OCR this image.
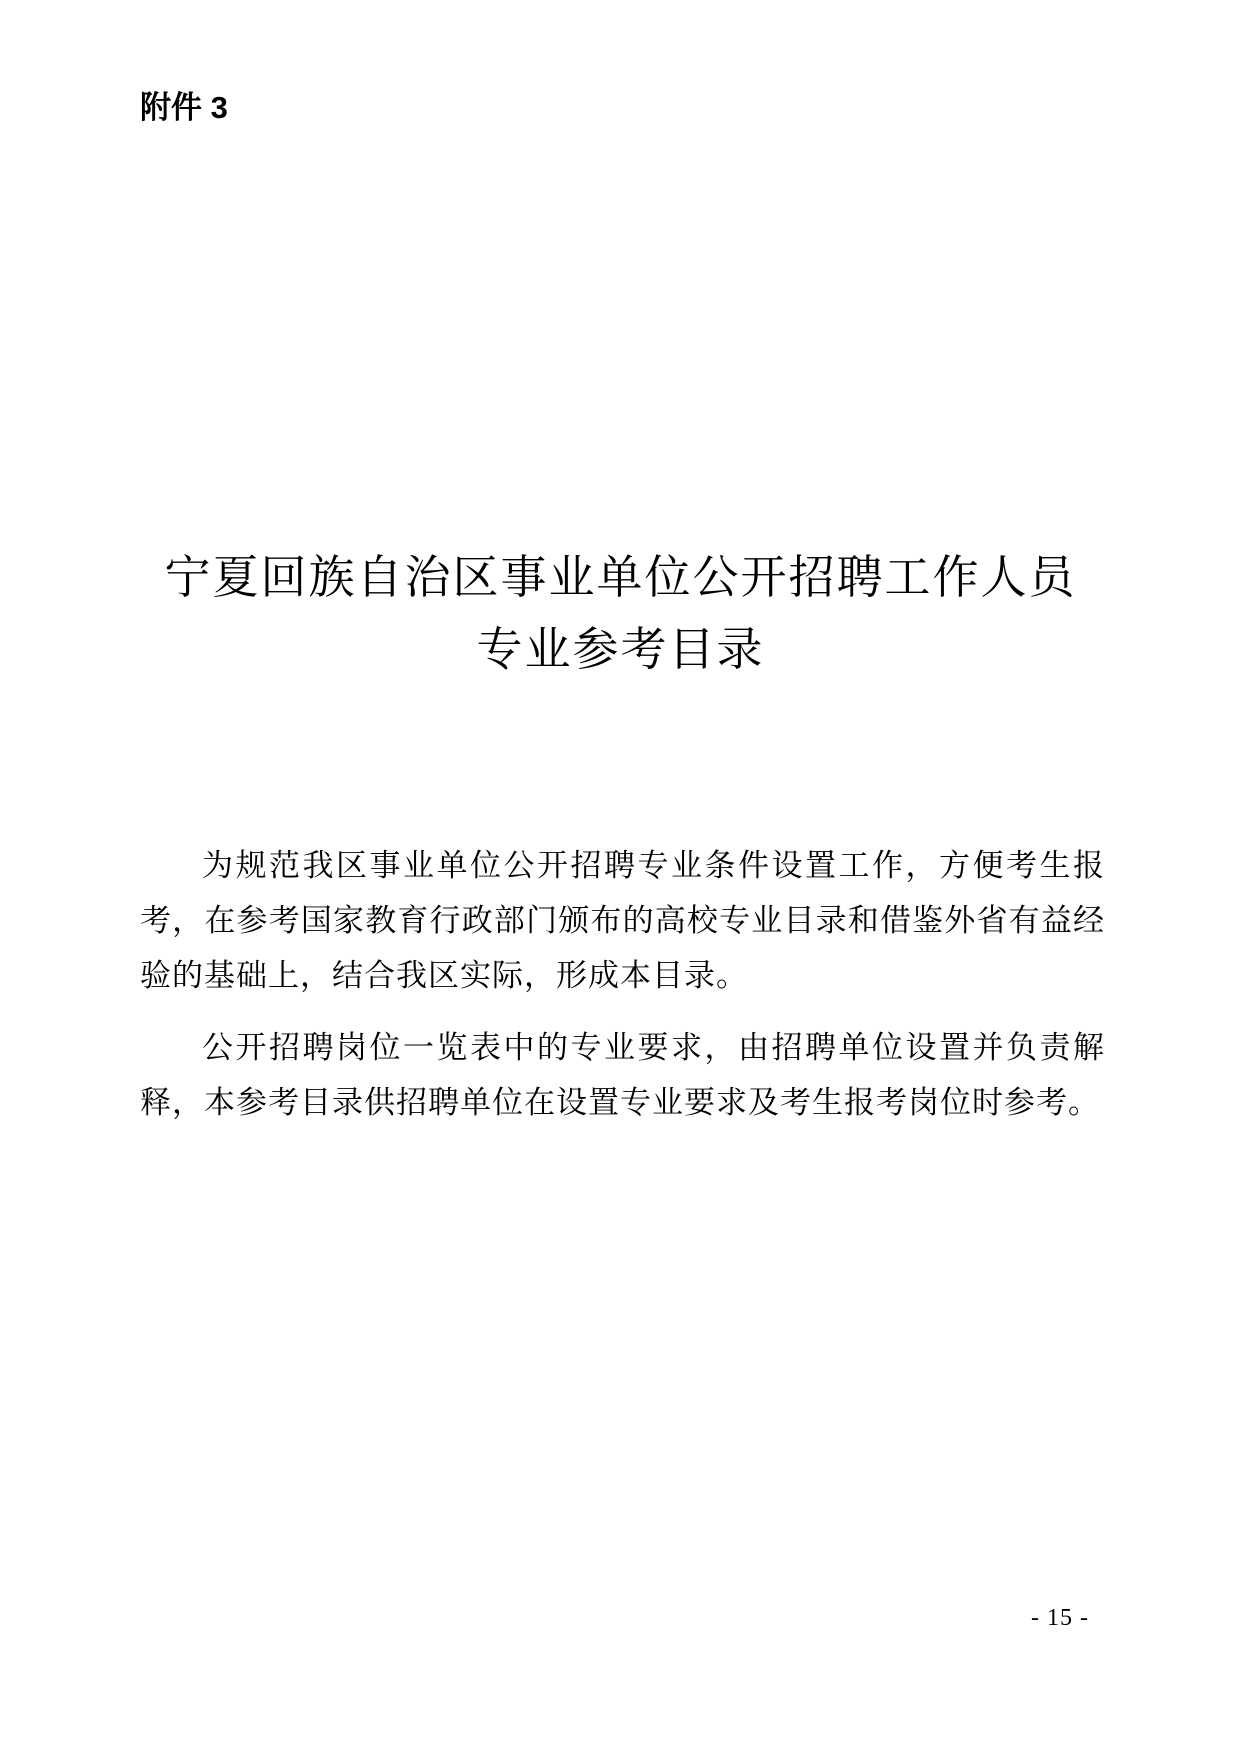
附件 3
宁夏回族自治区事业单位公开招聘工作人员
专业参考目录

为规范我区事业单位公开招聘专业条件设置工作，方便考生报考，在参考国家教育行政部门颁布的高校专业目录和借鉴外省有益经验的基础上，结合我区实际，形成本目录。

公开招聘岗位一览表中的专业要求，由招聘单位设置并负责解释，本参考目录供招聘单位在设置专业要求及考生报考岗位时参考。

- 15 -
